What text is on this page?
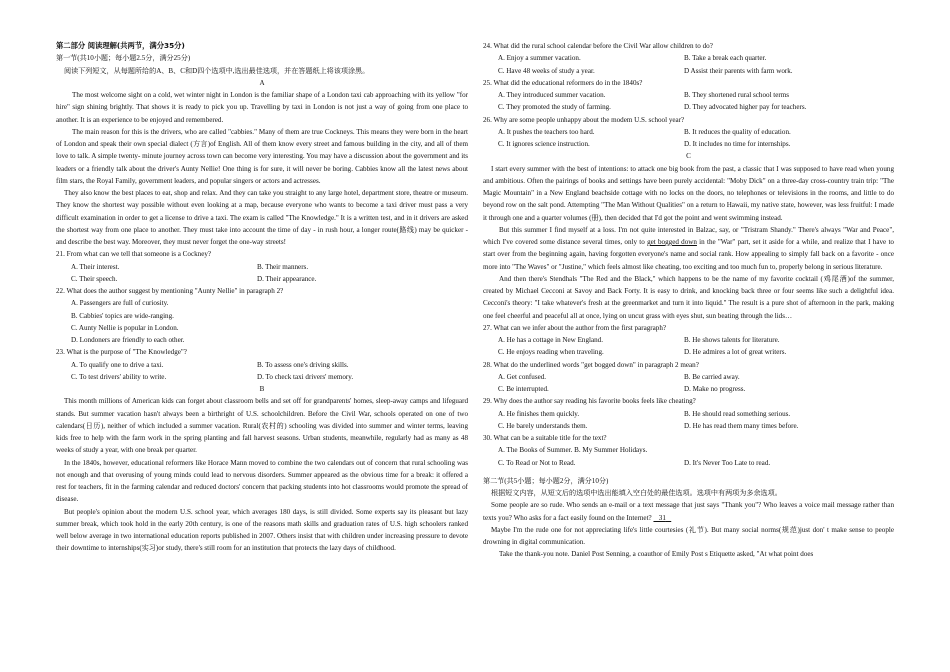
第二部分 阅读理解(共两节，满分35分)

第一节(共10小题；每小题2.5分，满分25分)

阅读下列短文，从每题所给的A、B、C和D四个选项中,选出最佳选项，并在答题纸上将该项涂黑。

A

The most welcome sight on a cold, wet winter night in London is the familiar shape of a London taxi cab approaching with its yellow "for hire" sign shining brightly. That shows it is ready to pick you up. Travelling by taxi in London is not just a way of going from one place to another. It is an experience to be enjoyed and remembered.

The main reason for this is the drivers, who are called "cabbies." Many of them are true Cockneys. This means they were born in the heart of London and speak their own special dialect (方言)of English. All of them know every street and famous building in the city, and all of them love to talk. A simple twenty- minute journey across town can become very interesting. You may have a discussion about the government and its leaders or a friendly talk about the driver's Aunty Nellie! One thing is for sure, it will never be boring. Cabbies know all the latest news about film stars, the Royal Family, government leaders, and popular singers or actors and actresses.

They also know the best places to eat, shop and relax. And they can take you straight to any large hotel, department store, theatre or museum. They know the shortest way possible without even looking at a map, because everyone who wants to become a taxi driver must pass a very difficult examination in order to get a license to drive a taxi. The exam is called "The Knowledge." It is a written test, and in it drivers are asked the shortest way from one place to another. They must take into account the time of day - in rush hour, a longer route(路线) may be quicker - and describe the best way. Moreover, they must never forget the one-way streets!

21. From what can we tell that someone is a Cockney?

A. Their interest.	B. Their manners.
C. Their speech.	D. Their appearance.

22. What does the author suggest by mentioning "Aunty Nellie" in paragraph 2?

A. Passengers are full of curiosity.
B. Cabbies' topics are wide-ranging.
C. Aunty Nellie is popular in London.
D. Londoners are friendly to each other.

23. What is the purpose of "The Knowledge"?

A. To qualify one to drive a taxi.	B. To assess one's driving skills.
C. To test drivers' ability to write.	D. To check taxi drivers' memory.

B

This month millions of American kids can forget about classroom bells and set off for grandparents' homes, sleep-away camps and lifeguard stands. But summer vacation hasn't always been a birthright of U.S. schoolchildren. Before the Civil War, schools operated on one of two calendars(日历), neither of which included a summer vacation. Rural(农村的) schooling was divided into summer and winter terms, leaving kids free to help with the farm work in the spring planting and fall harvest seasons. Urban students, meanwhile, regularly had as many as 48 weeks of study a year, with one break per quarter.

In the 1840s, however, educational reformers like Horace Mann moved to combine the two calendars out of concern that rural schooling was not enough and that overusing of young minds could lead to nervous disorders. Summer appeared as the obvious time for a break: it offered a rest for teachers, fit in the farming calendar and reduced doctors' concern that packing students into hot classrooms would promote the spread of disease.

But people's opinion about the modern U.S. school year, which averages 180 days, is still divided. Some experts say its pleasant but lazy summer break, which took hold in the early 20th century, is one of the reasons math skills and graduation rates of U.S. high schoolers ranked well below average in two international education reports published in 2007. Others insist that with children under increasing pressure to devote their downtime to internships(实习)or study, there's still room for an institution that protects the lazy days of childhood.

24. What did the rural school calendar before the Civil War allow children to do?

A. Enjoy a summer vacation.	B. Take a break each quarter.
C. Have 48 weeks of study a year.	D Assist their parents with farm work.

25. What did the educational reformers do in the 1840s?

A. They introduced summer vacation.	B. They shortened rural school terms
C. They promoted the study of farming.	D. They advocated higher pay for teachers.

26. Why are some people unhappy about the modem U.S. school year?

A. It pushes the teachers too hard.	B. It reduces the quality of education.
C. It ignores science instruction.	D. It includes no time for internships.

C

I start every summer with the best of intentions: to attack one big book from the past, a classic that I was supposed to have read when young and ambitious. Often the pairings of books and settings have been purely accidental: "Moby Dick" on a three-day cross-country train trip: "The Magic Mountain" in a New England beachside cottage with no locks on the doors, no telephones or televisions in the rooms, and little to do beyond row on the salt pond. Attempting "The Man Without Qualities" on a return to Hawaii, my native state, however, was less fruitful: I made it through one and a quarter volumes (册), then decided that I'd got the point and went swimming instead.

But this summer I find myself at a loss. I'm not quite interested in Balzac, say, or "Tristram Shandy." There's always "War and Peace", which I've covered some distance several times, only to get bogged down in the "War" part, set it aside for a while, and realize that I have to start over from the beginning again, having forgotten everyone's name and social rank. How appealing to simply fall back on a favorite - once more into "The Waves" or "Justine," which feels almost like cheating, too exciting and too much fun to, properly belong in serious literature.

And then there's Stendhals "The Red and the Black," which happens to be the name of my favorite cocktail (鸡尾酒)of the summer, created by Michael Cecconi at Savoy and Back Forty. It is easy to drink, and knocking back three or four seems like such a delightful idea. Cecconi's theory: "I take whatever's fresh at the greenmarket and turn it into liquid." The result is a pure shot of afternoon in the park, making one feel cheerful and peaceful all at once, lying on uncut grass with eyes shut, sun beating through the lids…

27. What can we infer about the author from the first paragraph?

A. He has a cottage in New England.	B. He shows talents for literature.
C. He enjoys reading when traveling.	D. He admires a lot of great writers.

28. What do the underlined words "get bogged down" in paragraph 2 mean?

A. Get confused.	B. Be carried away.
C. Be interrupted.	D. Make no progress.

29. Why does the author say reading his favorite books feels like cheating?

A. He finishes them quickly.	B. He should read something serious.
C. He barely understands them.	D. He has read them many times before.

30. What can be a suitable title for the text?

A. The Books of Summer. B. My Summer Holidays.
C. To Read or Not to Read.	D. It's Never Too Late to read.

第二节(共5小题；每小题2分，满分10分)

根据短文内容，从短文后的选项中选出能填入空白处的最佳选项。选项中有两项为多余选项。

Some people are so rude. Who sends an e-mail or a text message that just says "Thank you"? Who leaves a voice mail message rather than texts you? Who asks for a fact easily found on the Internet?    31

Maybe I'm the rude one for not appreciating life's little courtesies (礼节). But many social norms(规范)just don' t make sense to people drowning in digital communication.

Take the thank-you note. Daniel Post Senning, a coauthor of Emily Post s Etiquette asked, "At what point does
